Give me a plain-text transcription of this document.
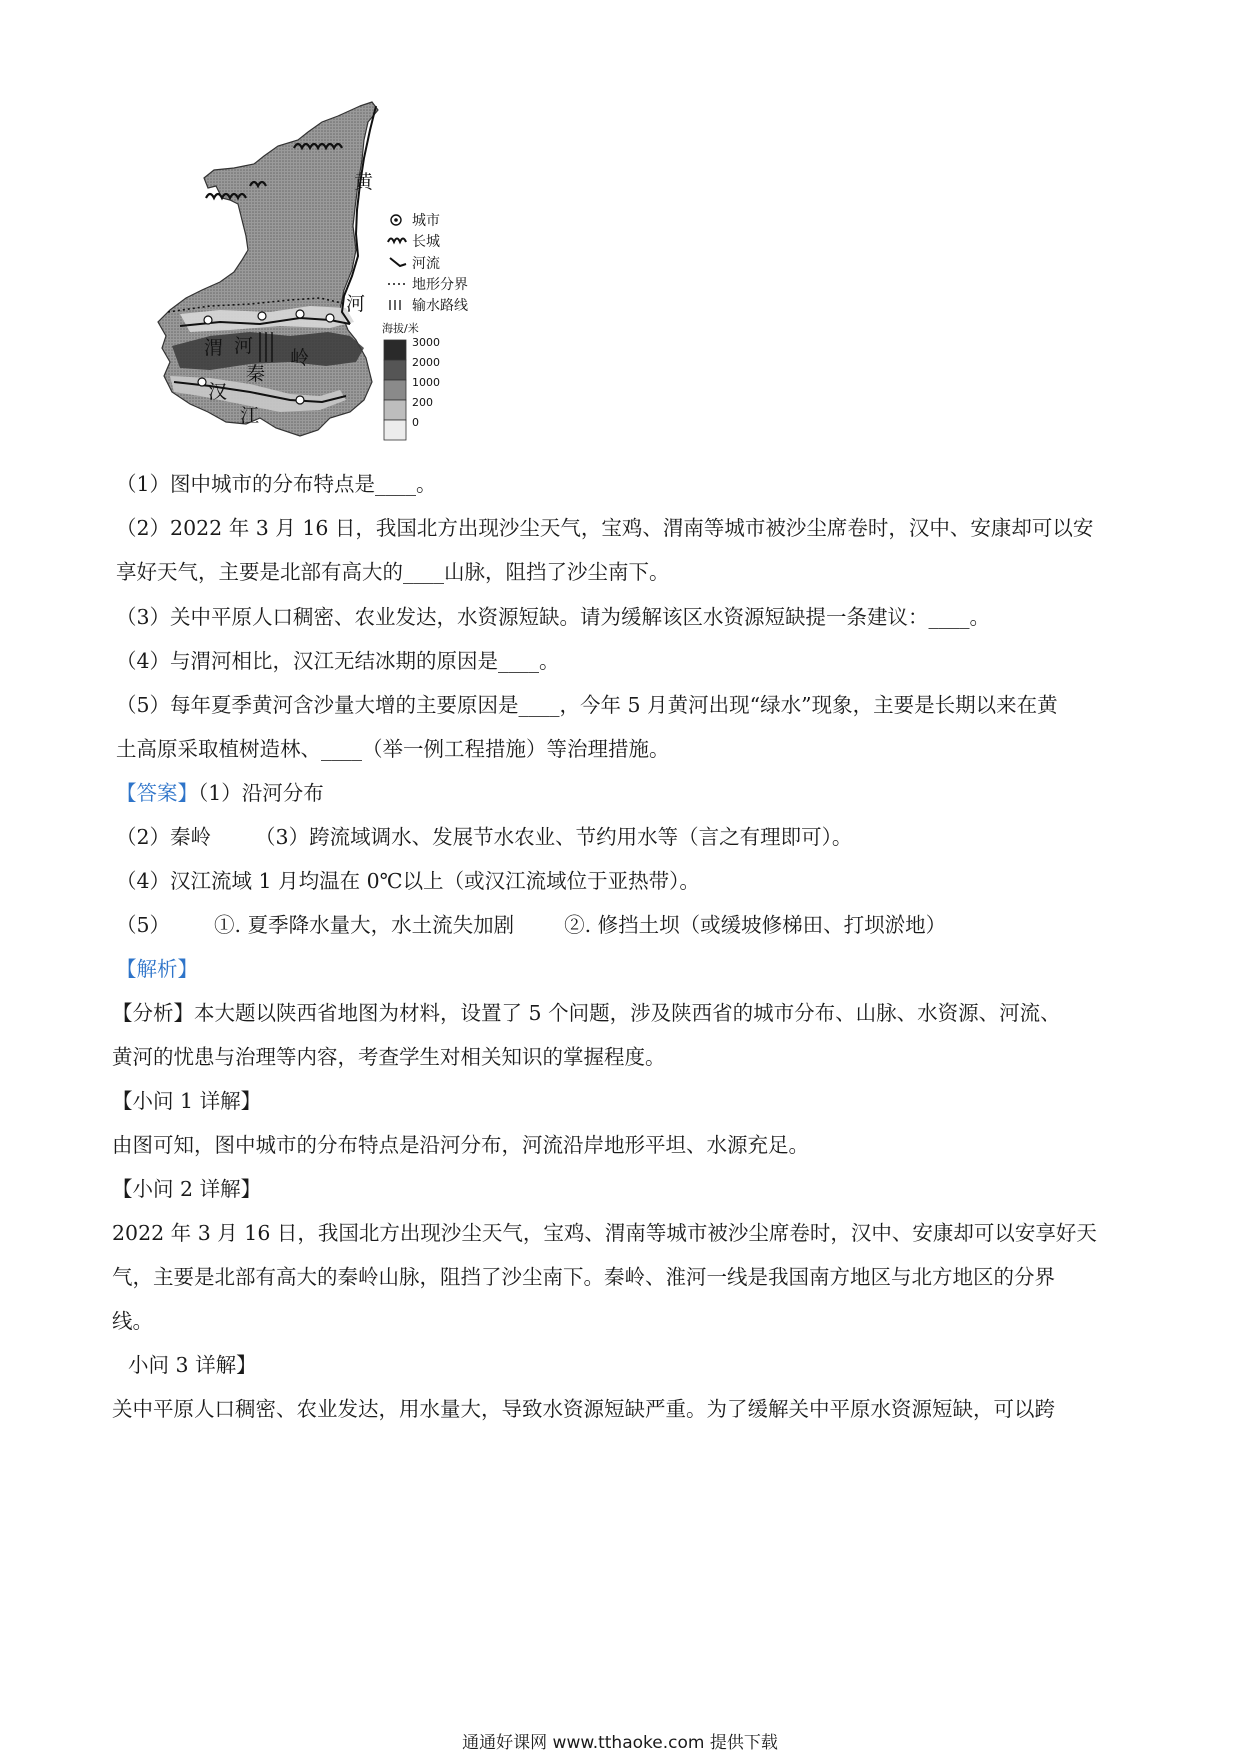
黄
河
渭 河
秦
岭
汉
江
城市
长城
河流
地形分界
输水路线
海拔/米
3000
2000
1000
200
0
（1）图中城市的分布特点是____。
（2）2022 年 3 月 16 日，我国北方出现沙尘天气，宝鸡、渭南等城市被沙尘席卷时，汉中、安康却可以安
享好天气，主要是北部有高大的____山脉，阻挡了沙尘南下。
（3）关中平原人口稠密、农业发达，水资源短缺。请为缓解该区水资源短缺提一条建议：____。
（4）与渭河相比，汉江无结冰期的原因是____。
（5）每年夏季黄河含沙量大增的主要原因是____，今年 5 月黄河出现“绿水”现象，主要是长期以来在黄
土高原采取植树造林、____（举一例工程措施）等治理措施。
【答案】（1）沿河分布
（2）秦岭 （3）跨流域调水、发展节水农业、节约用水等（言之有理即可）。
（4）汉江流域 1 月均温在 0℃以上（或汉江流域位于亚热带）。
（5） ①. 夏季降水量大，水土流失加剧 ②. 修挡土坝（或缓坡修梯田、打坝淤地）
【解析】
【分析】本大题以陕西省地图为材料，设置了 5 个问题，涉及陕西省的城市分布、山脉、水资源、河流、
黄河的忧患与治理等内容，考查学生对相关知识的掌握程度。
【小问 1 详解】
由图可知，图中城市的分布特点是沿河分布，河流沿岸地形平坦、水源充足。
【小问 2 详解】
2022 年 3 月 16 日，我国北方出现沙尘天气，宝鸡、渭南等城市被沙尘席卷时，汉中、安康却可以安享好天
气，主要是北部有高大的秦岭山脉，阻挡了沙尘南下。秦岭、淮河一线是我国南方地区与北方地区的分界
线。
小问 3 详解】
关中平原人口稠密、农业发达，用水量大，导致水资源短缺严重。为了缓解关中平原水资源短缺，可以跨
通通好课网 www.tthaoke.com 提供下载
